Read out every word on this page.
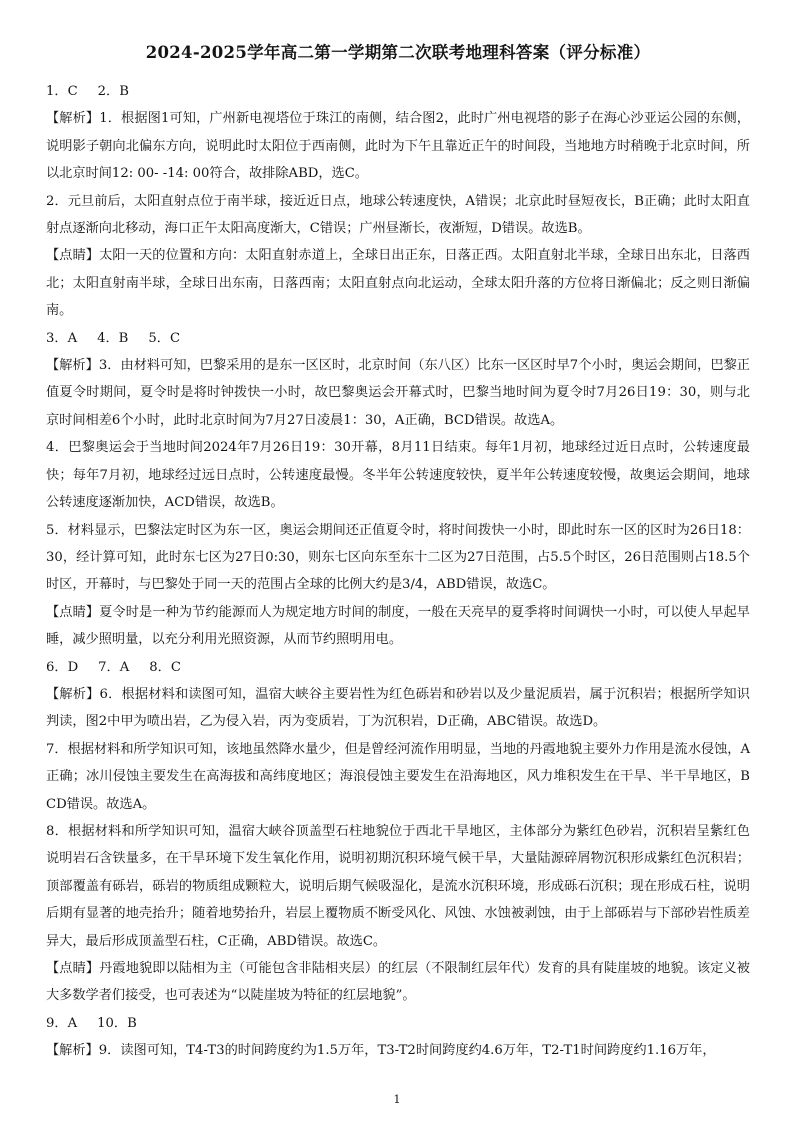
2024-2025学年高二第一学期第二次联考地理科答案（评分标准）
1．C 2．B

【解析】1．根据图1可知，广州新电视塔位于珠江的南侧，结合图2，此时广州电视塔的影子在海心沙亚运公园的东侧，说明影子朝向北偏东方向，说明此时太阳位于西南侧，此时为下午且靠近正午的时间段，当地地方时稍晚于北京时间，所以北京时间12: 00- -14: 00符合，故排除ABD，选C。

2．元旦前后，太阳直射点位于南半球，接近近日点，地球公转速度快，A错误；北京此时昼短夜长，B正确；此时太阳直射点逐渐向北移动，海口正午太阳高度渐大，C错误；广州昼渐长，夜渐短，D错误。故选B。

【点睛】太阳一天的位置和方向：太阳直射赤道上，全球日出正东，日落正西。太阳直射北半球，全球日出东北，日落西北；太阳直射南半球，全球日出东南，日落西南；太阳直射点向北运动，全球太阳升落的方位将日渐偏北；反之则日渐偏南。

3．A 4．B 5．C

【解析】3．由材料可知，巴黎采用的是东一区区时，北京时间（东八区）比东一区区时早7个小时，奥运会期间，巴黎正值夏令时期间，夏令时是将时钟拨快一小时，故巴黎奥运会开幕式时，巴黎当地时间为夏令时7月26日19：30，则与北京时间相差6个小时，此时北京时间为7月27日凌晨1：30，A正确，BCD错误。故选A。

4．巴黎奥运会于当地时间2024年7月26日19：30开幕，8月11日结束。每年1月初，地球经过近日点时，公转速度最快；每年7月初，地球经过远日点时，公转速度最慢。冬半年公转速度较快，夏半年公转速度较慢，故奥运会期间，地球公转速度逐渐加快，ACD错误，故选B。

5．材料显示，巴黎法定时区为东一区，奥运会期间还正值夏令时，将时间拨快一小时，即此时东一区的区时为26日18：30，经计算可知，此时东七区为27日0:30，则东七区向东至东十二区为27日范围，占5.5个时区，26日范围则占18.5个时区，开幕时，与巴黎处于同一天的范围占全球的比例大约是3/4，ABD错误，故选C。

【点睛】夏令时是一种为节约能源而人为规定地方时间的制度，一般在天亮早的夏季将时间调快一小时，可以使人早起早睡，减少照明量，以充分利用光照资源，从而节约照明用电。

6．D 7．A 8．C

【解析】6．根据材料和读图可知，温宿大峡谷主要岩性为红色砾岩和砂岩以及少量泥质岩，属于沉积岩；根据所学知识判读，图2中甲为喷出岩，乙为侵入岩，丙为变质岩，丁为沉积岩，D正确，ABC错误。故选D。

7．根据材料和所学知识可知，该地虽然降水量少，但是曾经河流作用明显，当地的丹霞地貌主要外力作用是流水侵蚀，A正确；冰川侵蚀主要发生在高海拔和高纬度地区；海浪侵蚀主要发生在沿海地区，风力堆积发生在干旱、半干旱地区，BCD错误。故选A。

8．根据材料和所学知识可知，温宿大峡谷顶盖型石柱地貌位于西北干旱地区，主体部分为紫红色砂岩，沉积岩呈紫红色说明岩石含铁量多，在干旱环境下发生氧化作用，说明初期沉积环境气候干旱，大量陆源碎屑物沉积形成紫红色沉积岩；顶部覆盖有砾岩，砾岩的物质组成颗粒大，说明后期气候吸湿化，是流水沉积环境，形成砾石沉积；现在形成石柱，说明后期有显著的地壳抬升；随着地势抬升，岩层上覆物质不断受风化、风蚀、水蚀被剥蚀，由于上部砾岩与下部砂岩性质差异大，最后形成顶盖型石柱，C正确，ABD错误。故选C。

【点睛】丹霞地貌即以陆相为主（可能包含非陆相夹层）的红层（不限制红层年代）发育的具有陡崖坡的地貌。该定义被大多数学者们接受，也可表述为“以陡崖坡为特征的红层地貌”。

9．A 10．B

【解析】9．读图可知，T4-T3的时间跨度约为1.5万年，T3-T2时间跨度约4.6万年，T2-T1时间跨度约1.16万年，

1
